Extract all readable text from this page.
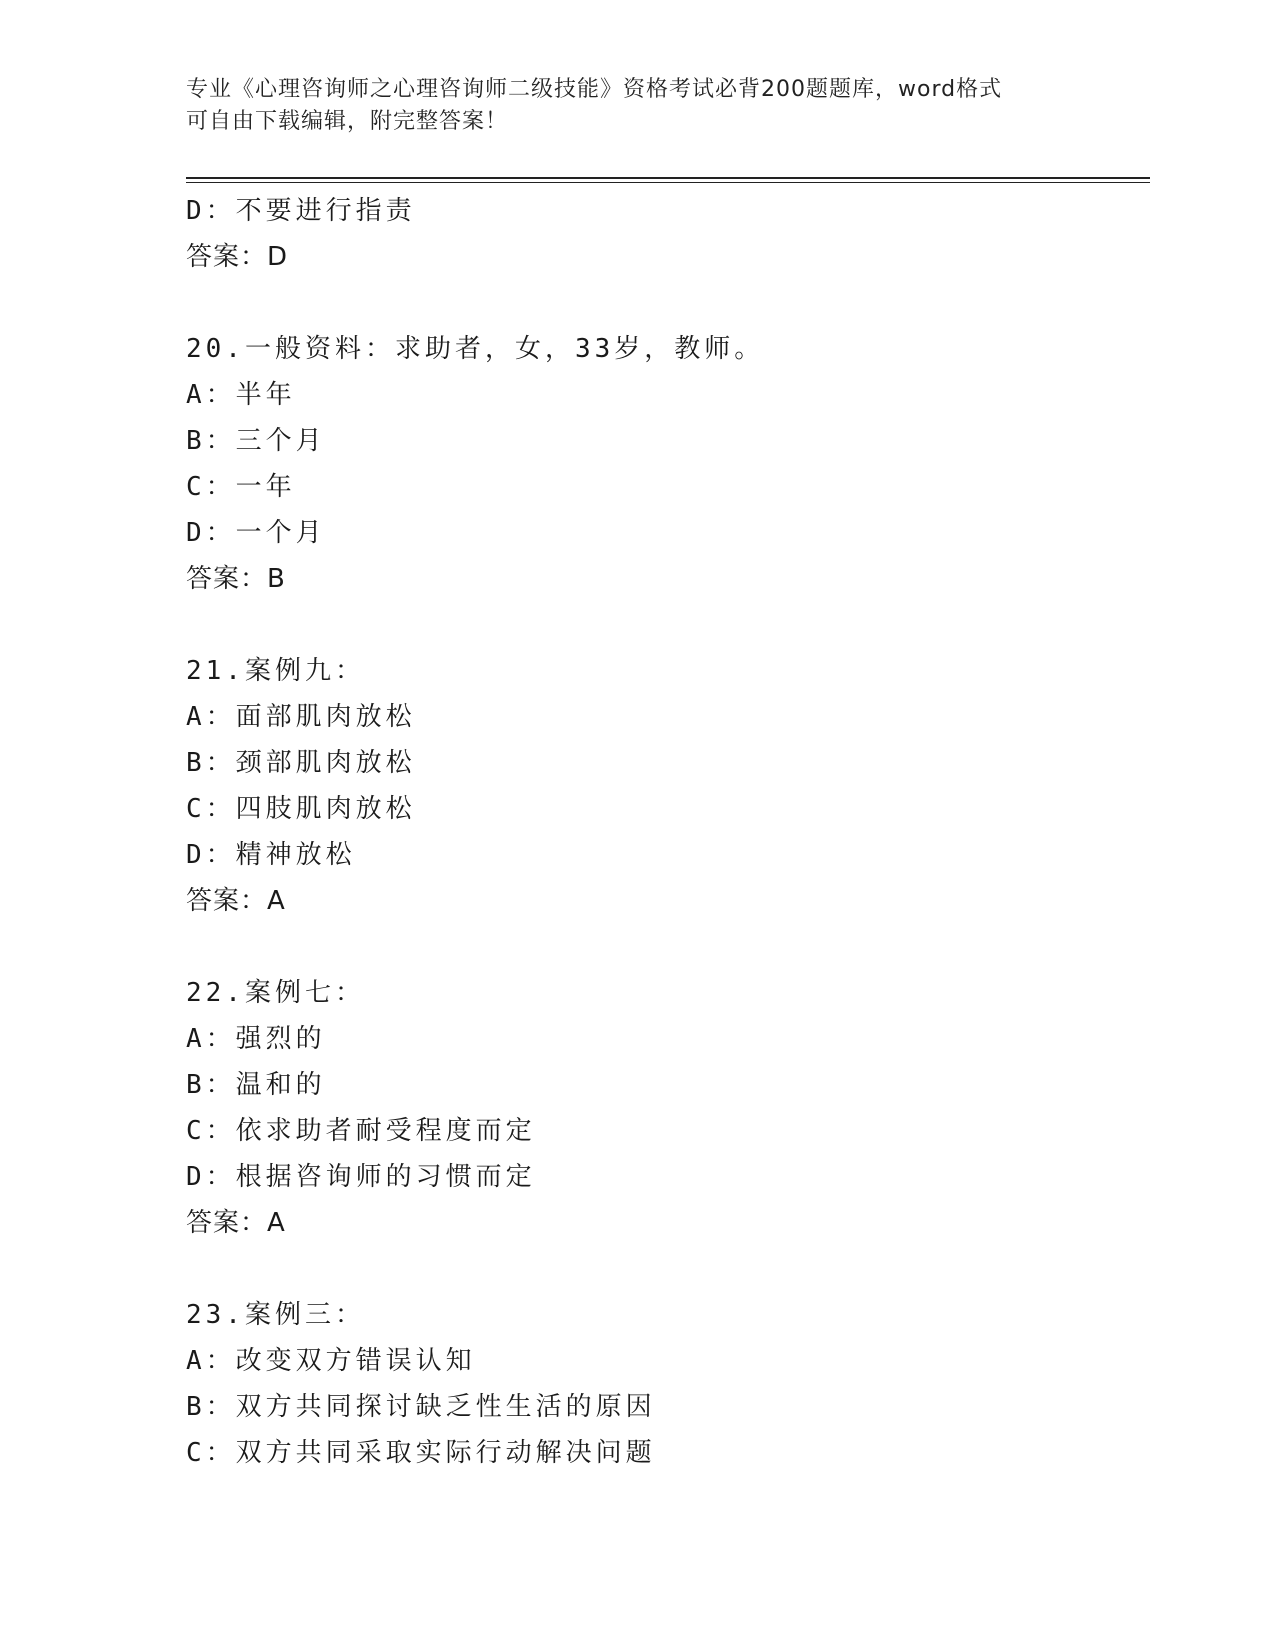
专业《心理咨询师之心理咨询师二级技能》资格考试必背200题题库，word格式
可自由下载编辑，附完整答案！
D：不要进行指责
答案：D
20.一般资料：求助者，女，33岁，教师。
A：半年
B：三个月
C：一年
D：一个月
答案：B
21.案例九：
A：面部肌肉放松
B：颈部肌肉放松
C：四肢肌肉放松
D：精神放松
答案：A
22.案例七：
A：强烈的
B：温和的
C：依求助者耐受程度而定
D：根据咨询师的习惯而定
答案：A
23.案例三：
A：改变双方错误认知
B：双方共同探讨缺乏性生活的原因
C：双方共同采取实际行动解决问题
